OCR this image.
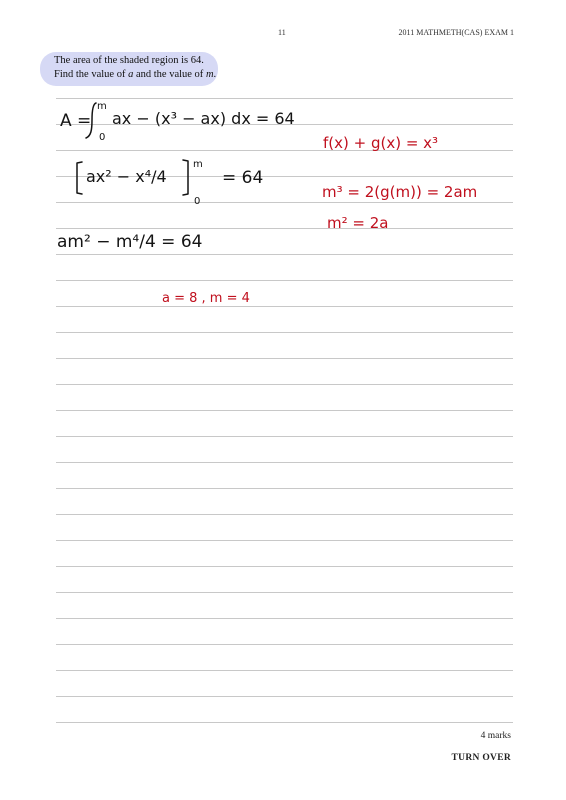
11	2011 MATHMETH(CAS) EXAM 1
The area of the shaded region is 64.
Find the value of a and the value of m.
A =
m
0
ax − (x³ − ax) dx = 64
ax² − x⁴/4
m
0
= 64
am² − m⁴/4 = 64
f(x) + g(x) = x³
m³ = 2(g(m)) = 2am
m² = 2a
a = 8 , m = 4
4 marks
TURN OVER
